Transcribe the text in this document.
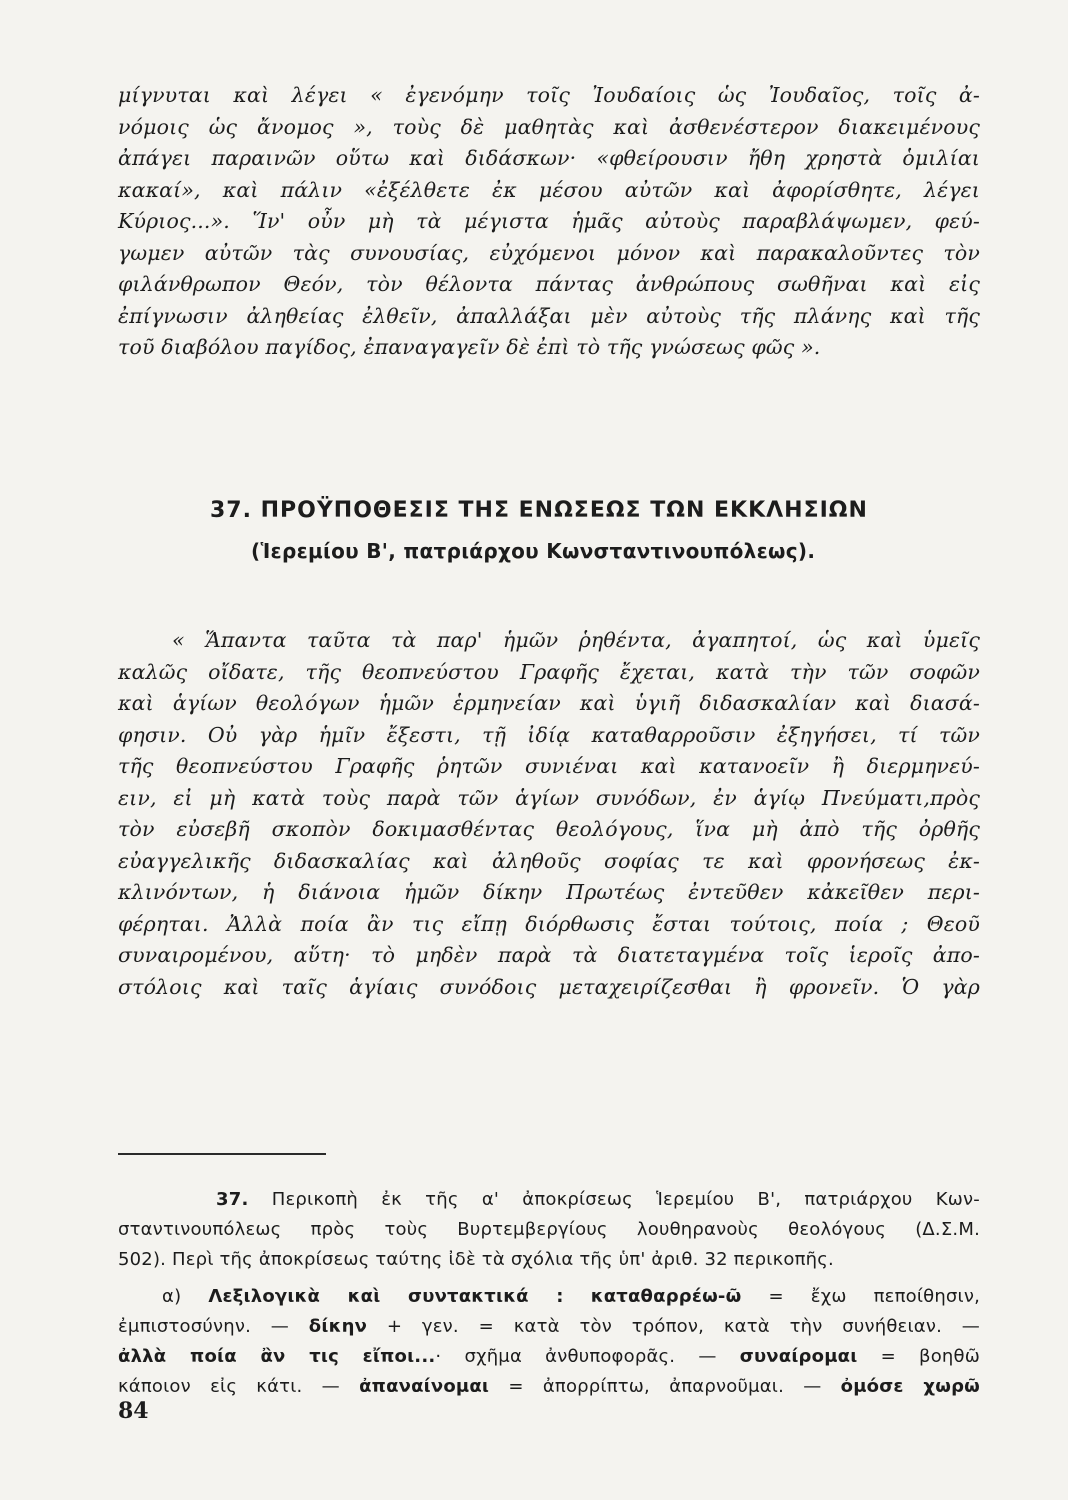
μίγνυται καὶ λέγει « ἐγενόμην τοῖς Ἰουδαίοις ὡς Ἰουδαῖος, τοῖς ἀ-
νόμοις ὡς ἄνομος », τοὺς δὲ μαθητὰς καὶ ἀσθενέστερον διακειμένους
ἀπάγει παραινῶν οὕτω καὶ διδάσκων· «φθείρουσιν ἤθη χρηστὰ ὁμιλίαι
κακαί», καὶ πάλιν «ἐξέλθετε ἐκ μέσου αὐτῶν καὶ ἀφορίσθητε, λέγει
Κύριος...». Ἵν' οὖν μὴ τὰ μέγιστα ἡμᾶς αὐτοὺς παραβλάψωμεν, φεύ-
γωμεν αὐτῶν τὰς συνουσίας, εὐχόμενοι μόνον καὶ παρακαλοῦντες τὸν
φιλάνθρωπον Θεόν, τὸν θέλοντα πάντας ἀνθρώπους σωθῆναι καὶ εἰς
ἐπίγνωσιν ἀληθείας ἐλθεῖν, ἀπαλλάξαι μὲν αὐτοὺς τῆς πλάνης καὶ τῆς
τοῦ διαβόλου παγίδος, ἐπαναγαγεῖν δὲ ἐπὶ τὸ τῆς γνώσεως φῶς ».
37. ΠΡΟΫΠΟΘΕΣΙΣ ΤΗΣ ΕΝΩΣΕΩΣ ΤΩΝ ΕΚΚΛΗΣΙΩΝ
(Ἱερεμίου Β', πατριάρχου Κωνσταντινουπόλεως).
« Ἅπαντα ταῦτα τὰ παρ' ἡμῶν ῥηθέντα, ἀγαπητοί, ὡς καὶ ὑμεῖς
καλῶς οἴδατε, τῆς θεοπνεύστου Γραφῆς ἔχεται, κατὰ τὴν τῶν σοφῶν
καὶ ἁγίων θεολόγων ἡμῶν ἑρμηνείαν καὶ ὑγιῆ διδασκαλίαν καὶ διασά-
φησιν. Οὐ γὰρ ἡμῖν ἔξεστι, τῇ ἰδίᾳ καταθαρροῦσιν ἐξηγήσει, τί τῶν
τῆς θεοπνεύστου Γραφῆς ῥητῶν συνιέναι καὶ κατανοεῖν ἢ διερμηνεύ-
ειν, εἰ μὴ κατὰ τοὺς παρὰ τῶν ἁγίων συνόδων, ἐν ἁγίῳ Πνεύματι,πρὸς
τὸν εὐσεβῆ σκοπὸν δοκιμασθέντας θεολόγους, ἵνα μὴ ἀπὸ τῆς ὀρθῆς
εὐαγγελικῆς διδασκαλίας καὶ ἀληθοῦς σοφίας τε καὶ φρονήσεως ἐκ-
κλινόντων, ἡ διάνοια ἡμῶν δίκην Πρωτέως ἐντεῦθεν κἀκεῖθεν περι-
φέρηται. Ἀλλὰ ποία ἂν τις εἴπῃ διόρθωσις ἔσται τούτοις, ποία ; Θεοῦ
συναιρομένου, αὕτη· τὸ μηδὲν παρὰ τὰ διατεταγμένα τοῖς ἱεροῖς ἀπο-
στόλοις καὶ ταῖς ἁγίαις συνόδοις μεταχειρίζεσθαι ἢ φρονεῖν. Ὁ γὰρ
37. Περικοπὴ ἐκ τῆς α' ἀποκρίσεως Ἱερεμίου Β', πατριάρχου Κων-
σταντινουπόλεως πρὸς τοὺς Βυρτεμβεργίους λουθηρανοὺς θεολόγους (Δ.Σ.Μ.
502). Περὶ τῆς ἀποκρίσεως ταύτης ἰδὲ τὰ σχόλια τῆς ὑπ' ἀριθ. 32 περικοπῆς.
α) Λεξιλογικὰ καὶ συντακτικά : καταθαρρέω-ῶ = ἔχω πεποίθησιν,
ἐμπιστοσύνην. — δίκην + γεν. = κατὰ τὸν τρόπον, κατὰ τὴν συνήθειαν. —
ἀλλὰ ποία ἂν τις εἴποι...· σχῆμα ἀνθυποφορᾶς. — συναίρομαι = βοηθῶ
κάποιον εἰς κάτι. — ἀπαναίνομαι = ἀπορρίπτω, ἀπαρνοῦμαι. — ὀμόσε χωρῶ
84
